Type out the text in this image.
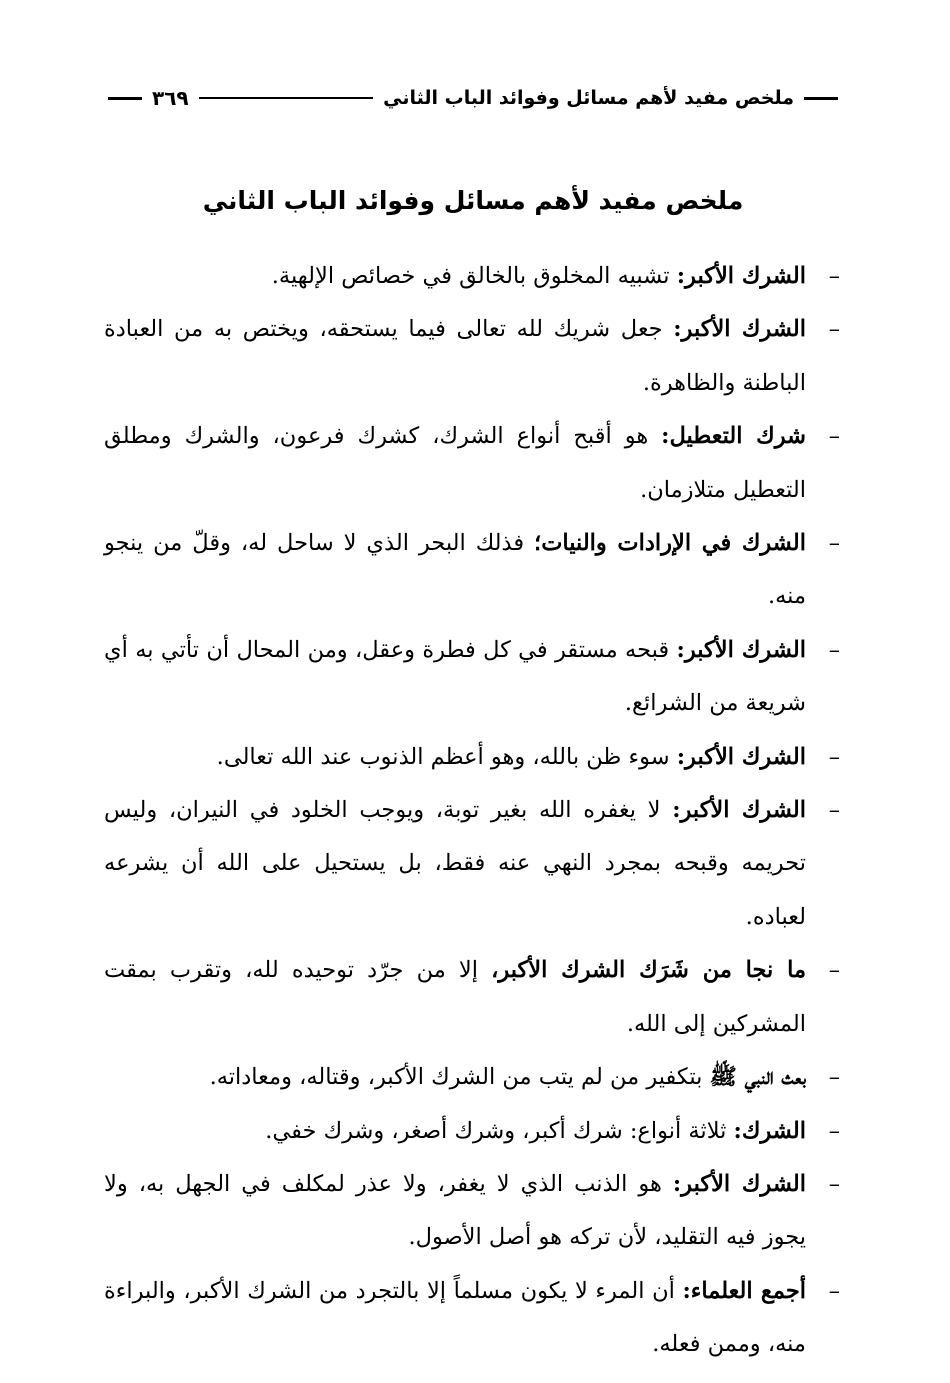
ملخص مفيد لأهم مسائل وفوائد الباب الثاني
٣٦٩
ملخص مفيد لأهم مسائل وفوائد الباب الثاني
–
الشرك الأكبر: تشبيه المخلوق بالخالق في خصائص الإلهية.
–
الشرك الأكبر: جعل شريك لله تعالى فيما يستحقه، ويختص به من العبادة الباطنة والظاهرة.
–
شرك التعطيل: هو أقبح أنواع الشرك، كشرك فرعون، والشرك ومطلق التعطيل متلازمان.
–
الشرك في الإرادات والنيات؛ فذلك البحر الذي لا ساحل له، وقلّ من ينجو منه.
–
الشرك الأكبر: قبحه مستقر في كل فطرة وعقل، ومن المحال أن تأتي به أي شريعة من الشرائع.
–
الشرك الأكبر: سوء ظن بالله، وهو أعظم الذنوب عند الله تعالى.
–
الشرك الأكبر: لا يغفره الله بغير توبة، ويوجب الخلود في النيران، وليس تحريمه وقبحه بمجرد النهي عنه فقط، بل يستحيل على الله أن يشرعه لعباده.
–
ما نجا من شَرَك الشرك الأكبر، إلا من جرّد توحيده لله، وتقرب بمقت المشركين إلى الله.
–
بعث النبي ﷺ بتكفير من لم يتب من الشرك الأكبر، وقتاله، ومعاداته.
–
الشرك: ثلاثة أنواع: شرك أكبر، وشرك أصغر، وشرك خفي.
–
الشرك الأكبر: هو الذنب الذي لا يغفر، ولا عذر لمكلف في الجهل به، ولا يجوز فيه التقليد، لأن تركه هو أصل الأصول.
–
أجمع العلماء: أن المرء لا يكون مسلماً إلا بالتجرد من الشرك الأكبر، والبراءة منه، وممن فعله.
